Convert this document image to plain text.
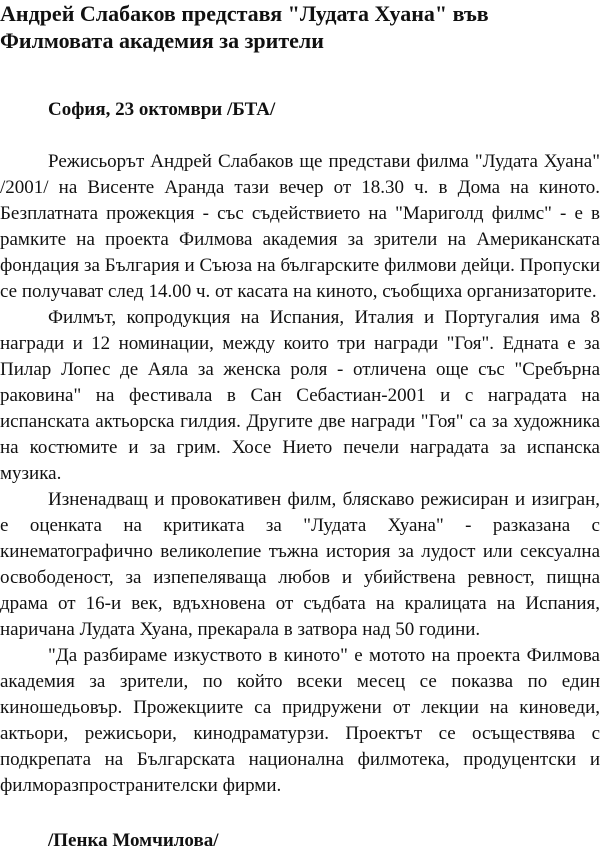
Андрей Слабаков представя "Лудата Хуана" във Филмовата академия за зрители

София, 23 октомври /БТА/

Режисьорът Андрей Слабаков ще представи филма "Лудата Хуана" /2001/ на Висенте Аранда тази вечер от 18.30 ч. в Дома на киното. Безплатната прожекция - със съдействието на "Мариголд филмс" - е в рамките на проекта Филмова академия за зрители на Американската фондация за България и Съюза на българските филмови дейци. Пропуски се получават след 14.00 ч. от касата на киното, съобщиха организаторите.

Филмът, копродукция на Испания, Италия и Португалия има 8 награди и 12 номинации, между които три награди "Гоя". Едната е за Пилар Лопес де Аяла за женска роля - отличена още със "Сребърна раковина" на фестивала в Сан Себастиан-2001 и с наградата на испанската актьорска гилдия. Другите две награди "Гоя" са за художника на костюмите и за грим. Хосе Нието печели наградата за испанска музика.

Изненадващ и провокативен филм, бляскаво режисиран и изигран, е оценката на критиката за "Лудата Хуана" - разказана с кинематографично великолепие тъжна история за лудост или сексуална освободеност, за изпепеляваща любов и убийствена ревност, пищна драма от 16-и век, вдъхновена от съдбата на кралицата на Испания, наричана Лудата Хуана, прекарала в затвора над 50 години.

"Да разбираме изкуството в киното" е мотото на проекта Филмова академия за зрители, по който всеки месец се показва по един киношедьовър. Прожекциите са придружени от лекции на киноведи, актьори, режисьори, кинодраматурзи. Проектът се осъществява с подкрепата на Българската национална филмотека, продуцентски и филморазпространителски фирми.

/Пенка Момчилова/
